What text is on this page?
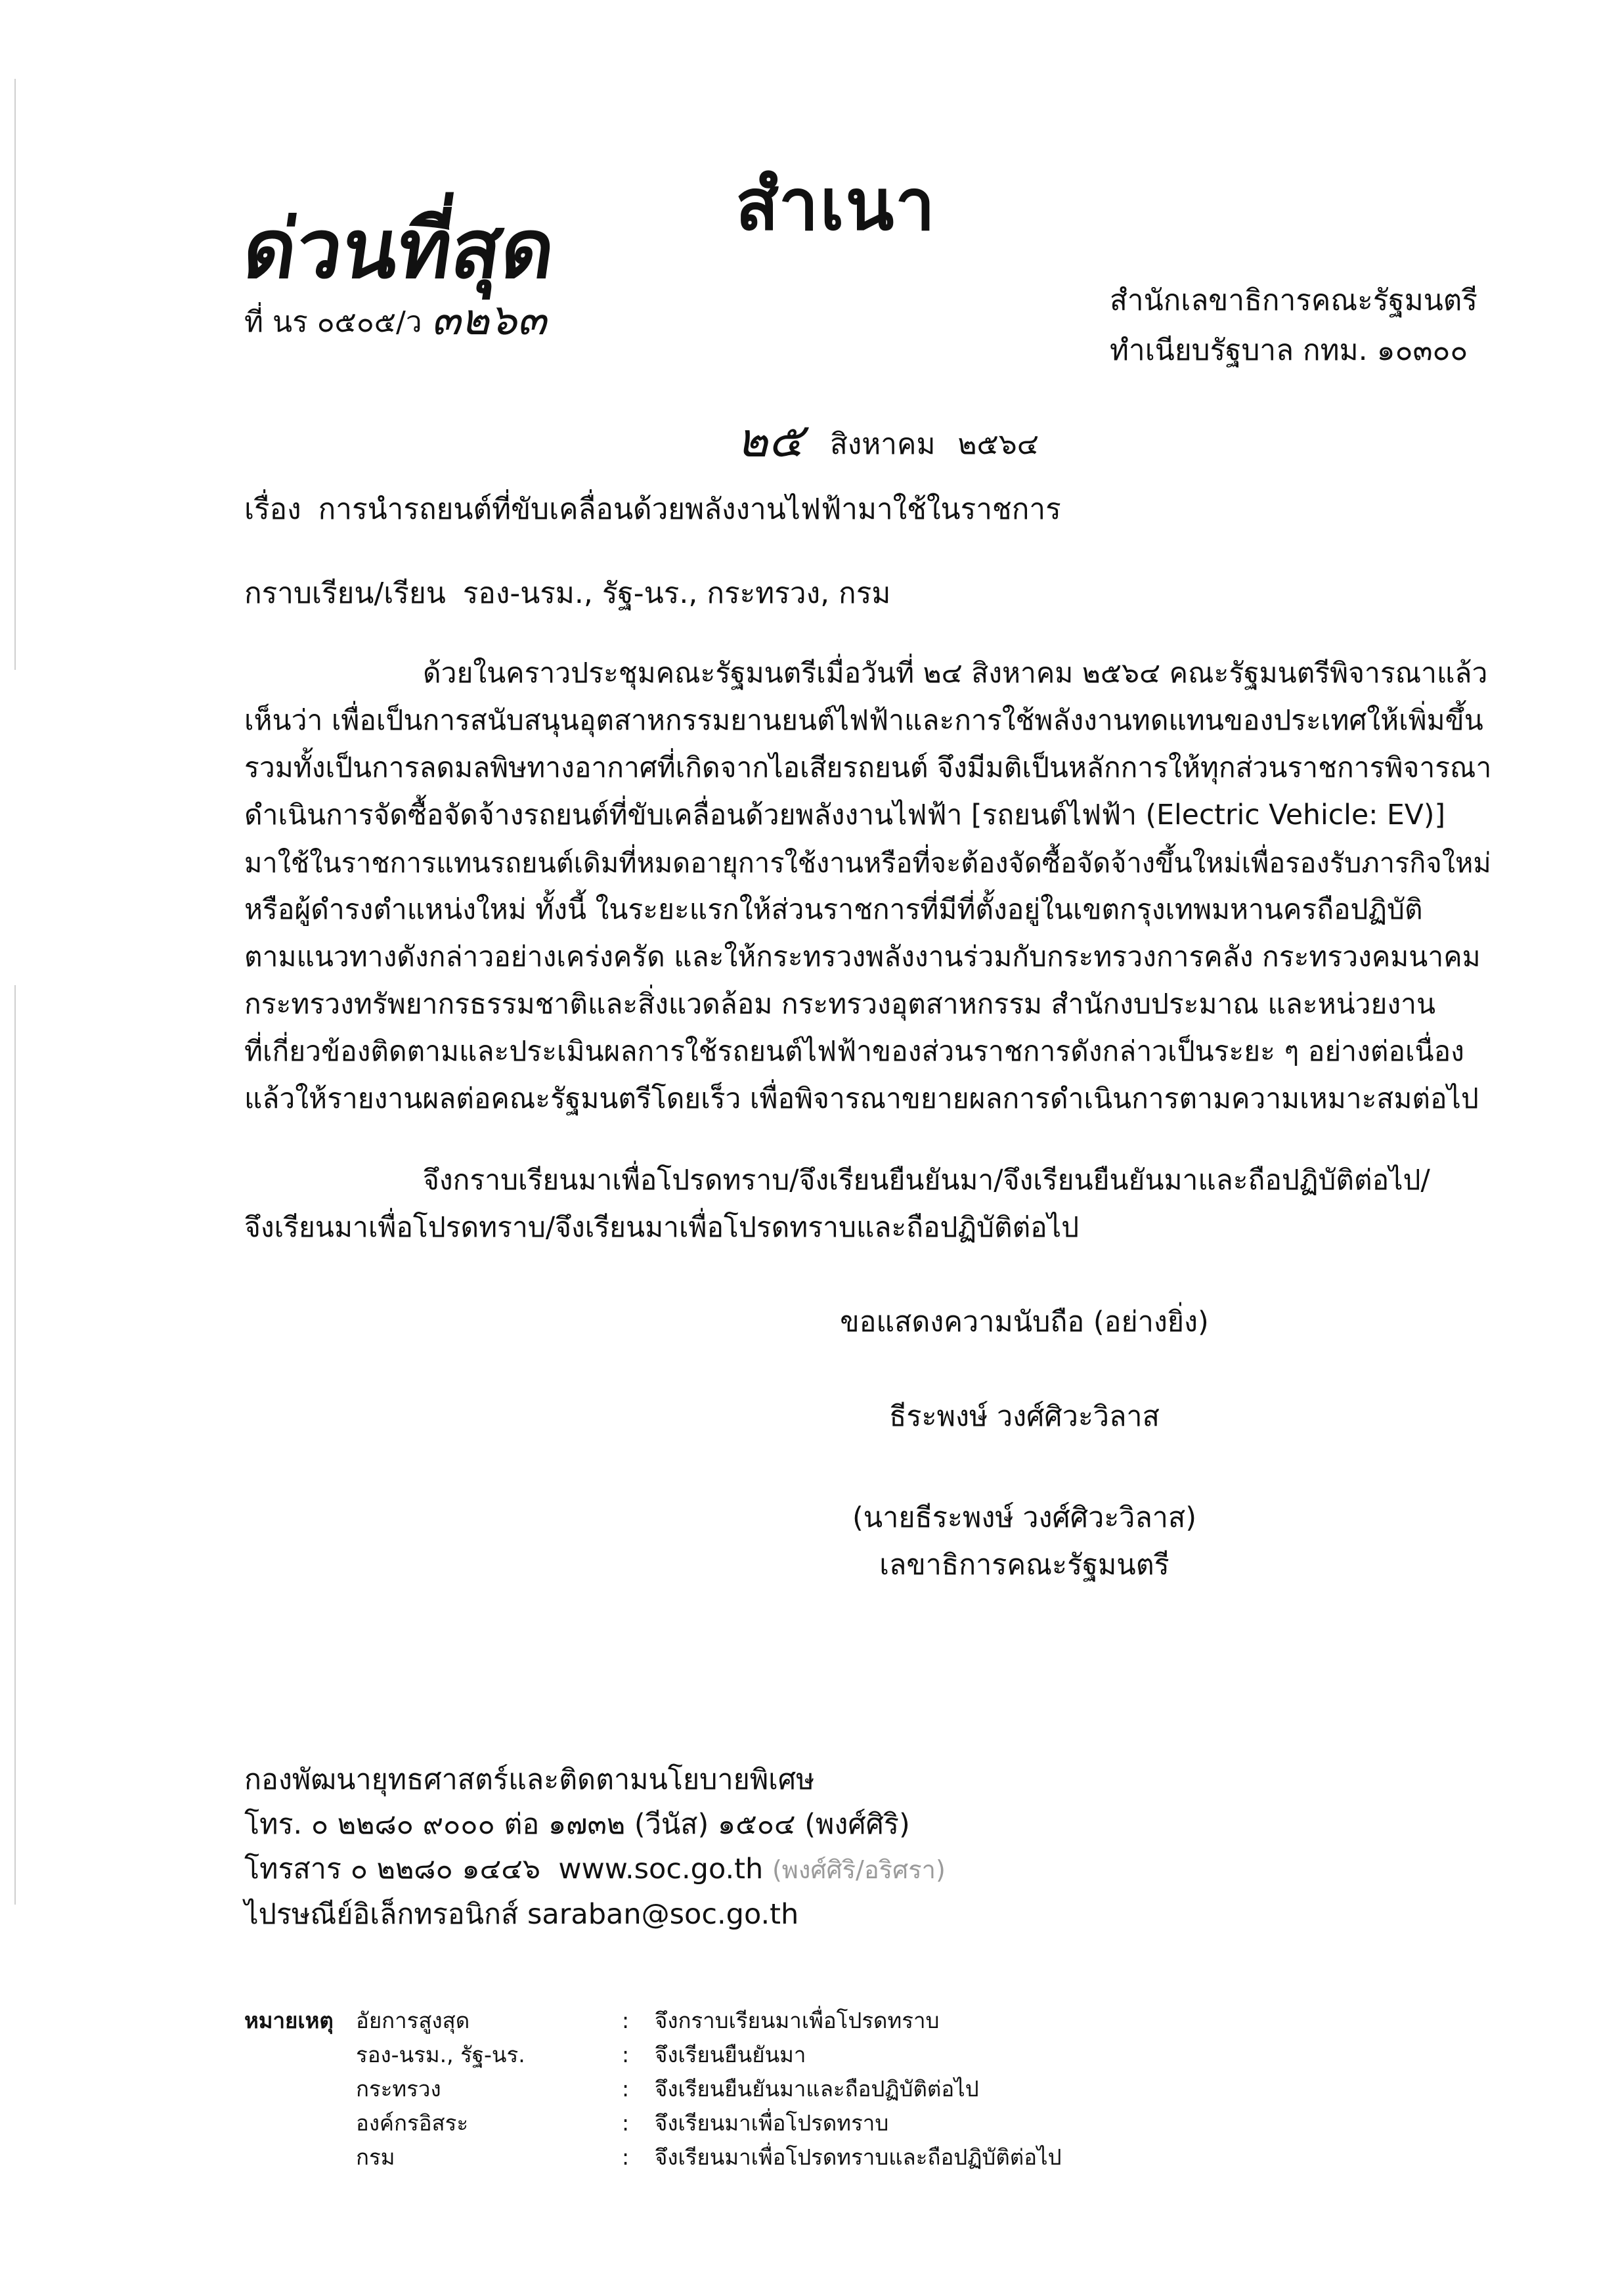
สำเนา
ด่วนที่สุด
ที่ นร ๐๕๐๕/ว ๓๒๖๓	สำนักเลขาธิการคณะรัฐมนตรี
ทำเนียบรัฐบาล กทม. ๑๐๓๐๐
๒๕ สิงหาคม ๒๕๖๔
เรื่อง การนำรถยนต์ที่ขับเคลื่อนด้วยพลังงานไฟฟ้ามาใช้ในราชการ
กราบเรียน/เรียน รอง-นรม., รัฐ-นร., กระทรวง, กรม
ด้วยในคราวประชุมคณะรัฐมนตรีเมื่อวันที่ ๒๔ สิงหาคม ๒๕๖๔ คณะรัฐมนตรีพิจารณาแล้ว
เห็นว่า เพื่อเป็นการสนับสนุนอุตสาหกรรมยานยนต์ไฟฟ้าและการใช้พลังงานทดแทนของประเทศให้เพิ่มขึ้น
รวมทั้งเป็นการลดมลพิษทางอากาศที่เกิดจากไอเสียรถยนต์ จึงมีมติเป็นหลักการให้ทุกส่วนราชการพิจารณา
ดำเนินการจัดซื้อจัดจ้างรถยนต์ที่ขับเคลื่อนด้วยพลังงานไฟฟ้า [รถยนต์ไฟฟ้า (Electric Vehicle: EV)]
มาใช้ในราชการแทนรถยนต์เดิมที่หมดอายุการใช้งานหรือที่จะต้องจัดซื้อจัดจ้างขึ้นใหม่เพื่อรองรับภารกิจใหม่
หรือผู้ดำรงตำแหน่งใหม่ ทั้งนี้ ในระยะแรกให้ส่วนราชการที่มีที่ตั้งอยู่ในเขตกรุงเทพมหานครถือปฏิบัติ
ตามแนวทางดังกล่าวอย่างเคร่งครัด และให้กระทรวงพลังงานร่วมกับกระทรวงการคลัง กระทรวงคมนาคม
กระทรวงทรัพยากรธรรมชาติและสิ่งแวดล้อม กระทรวงอุตสาหกรรม สำนักงบประมาณ และหน่วยงาน
ที่เกี่ยวข้องติดตามและประเมินผลการใช้รถยนต์ไฟฟ้าของส่วนราชการดังกล่าวเป็นระยะ ๆ อย่างต่อเนื่อง
แล้วให้รายงานผลต่อคณะรัฐมนตรีโดยเร็ว เพื่อพิจารณาขยายผลการดำเนินการตามความเหมาะสมต่อไป
จึงกราบเรียนมาเพื่อโปรดทราบ/จึงเรียนยืนยันมา/จึงเรียนยืนยันมาและถือปฏิบัติต่อไป/
จึงเรียนมาเพื่อโปรดทราบ/จึงเรียนมาเพื่อโปรดทราบและถือปฏิบัติต่อไป
ขอแสดงความนับถือ (อย่างยิ่ง)
ธีระพงษ์ วงศ์ศิวะวิลาส
(นายธีระพงษ์ วงศ์ศิวะวิลาส)
เลขาธิการคณะรัฐมนตรี
กองพัฒนายุทธศาสตร์และติดตามนโยบายพิเศษ
โทร. ๐ ๒๒๘๐ ๙๐๐๐ ต่อ ๑๗๓๒ (วีนัส) ๑๕๐๔ (พงศ์ศิริ)
โทรสาร ๐ ๒๒๘๐ ๑๔๔๖ www.soc.go.th (พงศ์ศิริ/อริศรา)
ไปรษณีย์อิเล็กทรอนิกส์ saraban@soc.go.th
หมายเหตุ อัยการสูงสุด	: จึงกราบเรียนมาเพื่อโปรดทราบ
รอง-นรม., รัฐ-นร.	: จึงเรียนยืนยันมา
กระทรวง	: จึงเรียนยืนยันมาและถือปฏิบัติต่อไป
องค์กรอิสระ	: จึงเรียนมาเพื่อโปรดทราบ
กรม	: จึงเรียนมาเพื่อโปรดทราบและถือปฏิบัติต่อไป
